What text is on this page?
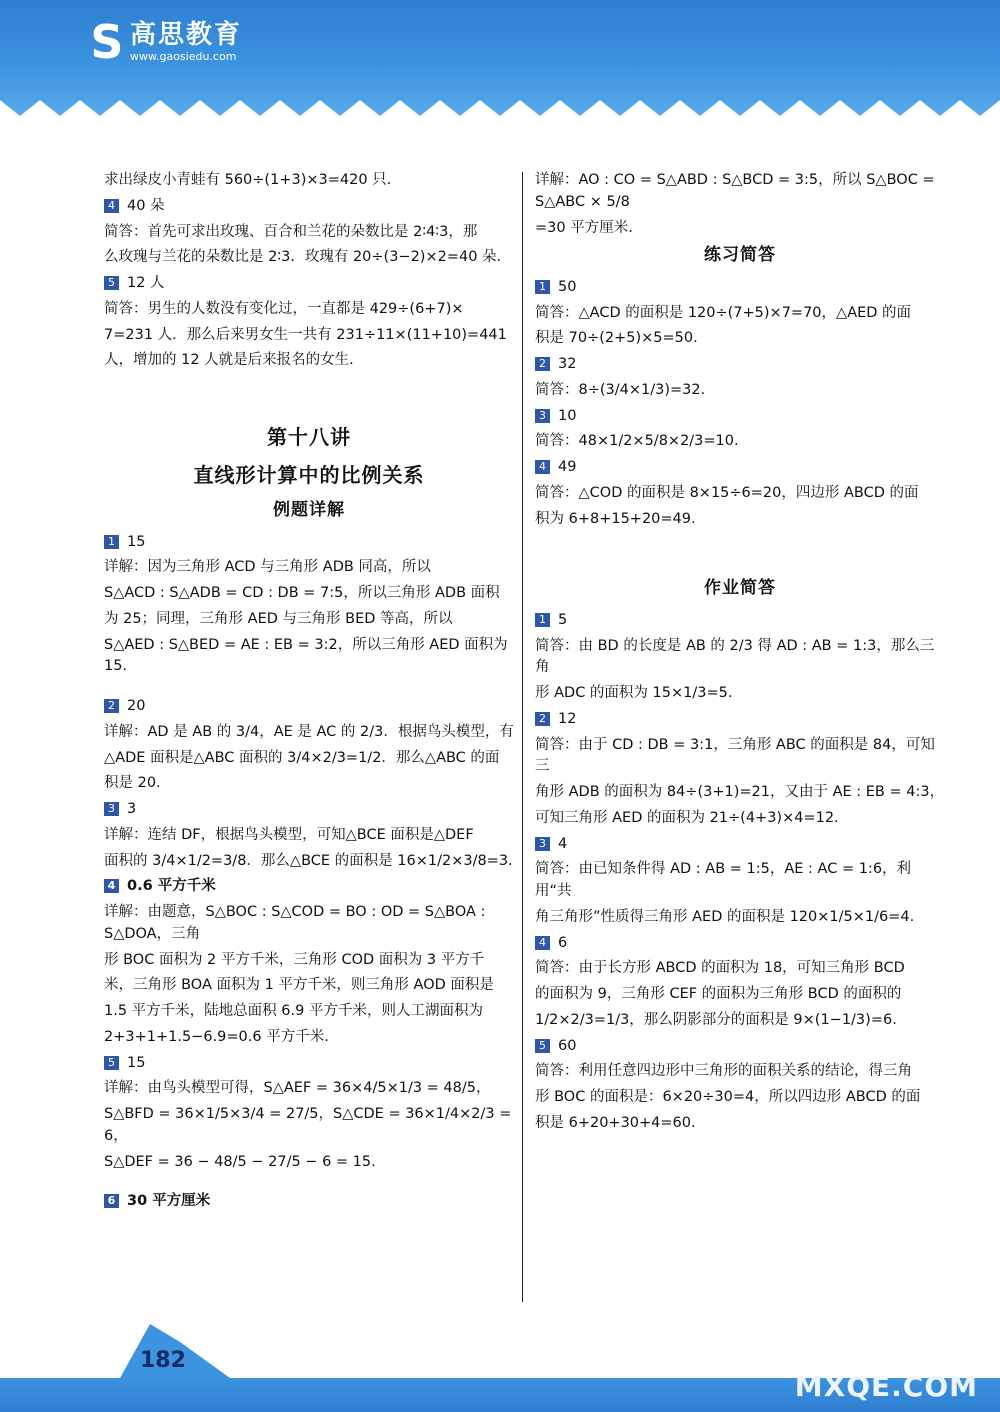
S 高思教育
www.gaosiedu.com

求出绿皮小青蛙有 560÷(1+3)×3=420 只.

4 40 朵

简答：首先可求出玫瑰、百合和兰花的朵数比是 2∶4∶3，那

么玫瑰与兰花的朵数比是 2∶3．玫瑰有 20÷(3−2)×2=40 朵.

5 12 人

简答：男生的人数没有变化过，一直都是 429÷(6+7)×

7=231 人．那么后来男女生一共有 231÷11×(11+10)=441

人，增加的 12 人就是后来报名的女生.

第十八讲
直线形计算中的比例关系
例题详解

1 15

详解：因为三角形 ACD 与三角形 ADB 同高，所以

S△ACD : S△ADB = CD : DB = 7:5，所以三角形 ADB 面积

为 25；同理，三角形 AED 与三角形 BED 等高，所以

S△AED : S△BED = AE : EB = 3:2，所以三角形 AED 面积为 15.

2 20

详解：AD 是 AB 的 3/4，AE 是 AC 的 2/3．根据鸟头模型，有

△ADE 面积是△ABC 面积的 3/4×2/3=1/2．那么△ABC 的面

积是 20.

3 3

详解：连结 DF，根据鸟头模型，可知△BCE 面积是△DEF

面积的 3/4×1/2=3/8．那么△BCE 的面积是 16×1/2×3/8=3.

4 0.6 平方千米

详解：由题意，S△BOC : S△COD = BO : OD = S△BOA : S△DOA，三角

形 BOC 面积为 2 平方千米，三角形 COD 面积为 3 平方千

米，三角形 BOA 面积为 1 平方千米，则三角形 AOD 面积是

1.5 平方千米，陆地总面积 6.9 平方千米，则人工湖面积为

2+3+1+1.5−6.9=0.6 平方千米.

5 15

详解：由鸟头模型可得，S△AEF = 36×4/5×1/3 = 48/5，

S△BFD = 36×1/5×3/4 = 27/5，S△CDE = 36×1/4×2/3 = 6，

S△DEF = 36 − 48/5 − 27/5 − 6 = 15.

6 30 平方厘米

详解：AO : CO = S△ABD : S△BCD = 3:5，所以 S△BOC = S△ABC × 5/8

=30 平方厘米.

练习简答

1 50

简答：△ACD 的面积是 120÷(7+5)×7=70，△AED 的面

积是 70÷(2+5)×5=50.

2 32

简答：8÷(3/4×1/3)=32.

3 10

简答：48×1/2×5/8×2/3=10.

4 49

简答：△COD 的面积是 8×15÷6=20，四边形 ABCD 的面

积为 6+8+15+20=49.

作业简答

1 5

简答：由 BD 的长度是 AB 的 2/3 得 AD : AB = 1:3，那么三角

形 ADC 的面积为 15×1/3=5.

2 12

简答：由于 CD : DB = 3:1，三角形 ABC 的面积是 84，可知三

角形 ADB 的面积为 84÷(3+1)=21，又由于 AE : EB = 4:3，

可知三角形 AED 的面积为 21÷(4+3)×4=12.

3 4

简答：由已知条件得 AD : AB = 1:5，AE : AC = 1:6，利用“共

角三角形”性质得三角形 AED 的面积是 120×1/5×1/6=4.

4 6

简答：由于长方形 ABCD 的面积为 18，可知三角形 BCD

的面积为 9，三角形 CEF 的面积为三角形 BCD 的面积的

1/2×2/3=1/3，那么阴影部分的面积是 9×(1−1/3)=6.

5 60

简答：利用任意四边形中三角形的面积关系的结论，得三角

形 BOC 的面积是：6×20÷30=4，所以四边形 ABCD 的面

积是 6+20+30+4=60.

182
MXQE.COM
